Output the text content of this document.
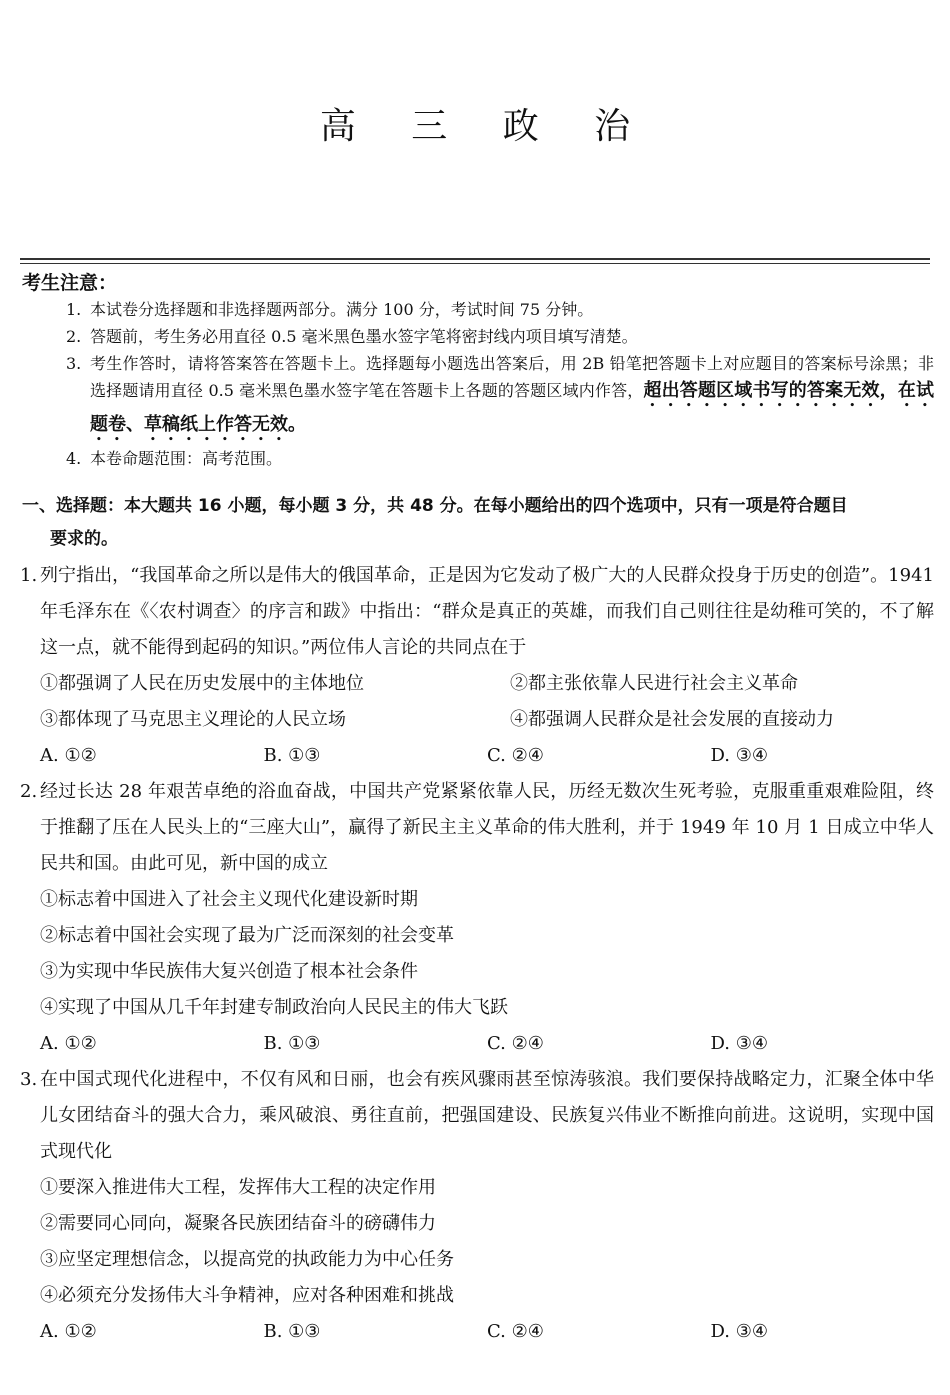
高 三 政 治
考生注意：
1. 本试卷分选择题和非选择题两部分。满分 100 分，考试时间 75 分钟。
2. 答题前，考生务必用直径 0.5 毫米黑色墨水签字笔将密封线内项目填写清楚。
3. 考生作答时，请将答案答在答题卡上。选择题每小题选出答案后，用 2B 铅笔把答题卡上对应题目的答案标号涂黑；非选择题请用直径 0.5 毫米黑色墨水签字笔在答题卡上各题的答题区域内作答，超出答题区域书写的答案无效，在试题卷、草稿纸上作答无效。
4. 本卷命题范围：高考范围。
一、选择题：本大题共 16 小题，每小题 3 分，共 48 分。在每小题给出的四个选项中，只有一项是符合题目
要求的。
1. 列宁指出，“我国革命之所以是伟大的俄国革命，正是因为它发动了极广大的人民群众投身于历史的创造”。1941 年毛泽东在《〈农村调查〉的序言和跋》中指出：“群众是真正的英雄，而我们自己则往往是幼稚可笑的，不了解这一点，就不能得到起码的知识。”两位伟人言论的共同点在于
①都强调了人民在历史发展中的主体地位	②都主张依靠人民进行社会主义革命
③都体现了马克思主义理论的人民立场	④都强调人民群众是社会发展的直接动力
A. ①②	B. ①③	C. ②④	D. ③④
2. 经过长达 28 年艰苦卓绝的浴血奋战，中国共产党紧紧依靠人民，历经无数次生死考验，克服重重艰难险阻，终于推翻了压在人民头上的“三座大山”，赢得了新民主主义革命的伟大胜利，并于 1949 年 10 月 1 日成立中华人民共和国。由此可见，新中国的成立
①标志着中国进入了社会主义现代化建设新时期
②标志着中国社会实现了最为广泛而深刻的社会变革
③为实现中华民族伟大复兴创造了根本社会条件
④实现了中国从几千年封建专制政治向人民民主的伟大飞跃
A. ①②	B. ①③	C. ②④	D. ③④
3. 在中国式现代化进程中，不仅有风和日丽，也会有疾风骤雨甚至惊涛骇浪。我们要保持战略定力，汇聚全体中华儿女团结奋斗的强大合力，乘风破浪、勇往直前，把强国建设、民族复兴伟业不断推向前进。这说明，实现中国式现代化
①要深入推进伟大工程，发挥伟大工程的决定作用
②需要同心同向，凝聚各民族团结奋斗的磅礴伟力
③应坚定理想信念，以提高党的执政能力为中心任务
④必须充分发扬伟大斗争精神，应对各种困难和挑战
A. ①②	B. ①③	C. ②④	D. ③④
